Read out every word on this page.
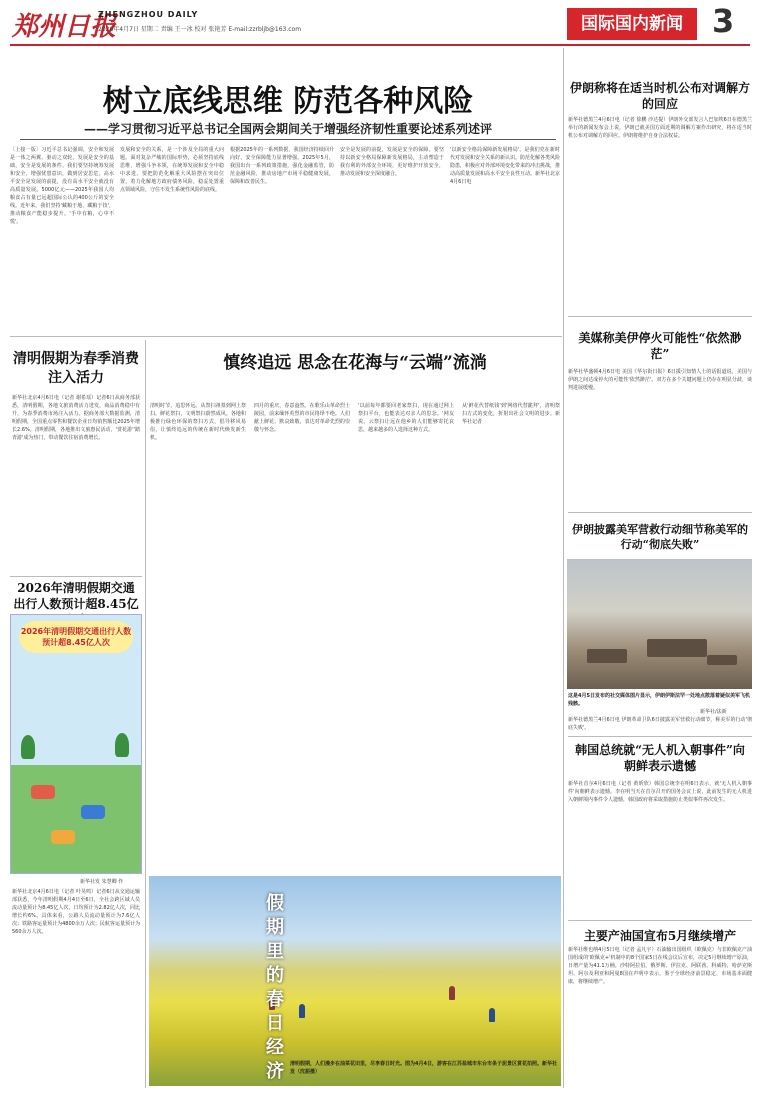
郑州日报
ZHENGZHOU DAILY
2026年4月7日 星期二 责编 王一冰 校对 张艳芳 E-mail:zzrbljb@163.com	国际国内新闻 3
树立底线思维 防范各种风险
——学习贯彻习近平总书记全国两会期间关于增强经济韧性重要论述系列述评
〔上接一版〕习近平总书记强调，安全和发展是一体之两翼、驱动之双轮。发展是安全的基础，安全是发展的条件。我们要坚持统筹发展和安全，增强忧患意识，做到居安思危。高水平安全是发展的前提，没有高水平安全就没有高质量发展。5000亿元——2025年我国人均粮食占有量已远超国际公认的400公斤的安全线。近年来，我们坚持'藏粮于地、藏粮于技'，推动粮食产能稳步提升。'手中有粮，心中不慌'。
发展和安全的关系，是一个涉及全局的重大问题。面对复杂严峻的国际形势，必须坚持底线思维，增强斗争本领，在统筹发展和安全中稳中求进。要把防范化解重大风险摆在突出位置，着力化解地方政府债务风险，稳妥处置重点领域风险，守住不发生系统性风险的底线。
根据2025年的一系列数据，我国经济持续回升向好，安全保障能力显著增强。2025年5月，我国出台一系列政策措施，强化金融监管，防范金融风险，推动房地产市场平稳健康发展，保障和改善民生。
安全是发展的前提，发展是安全的保障。要坚持以新安全格局保障新发展格局，主动塑造于我有利的外部安全环境，更好维护开放安全，推动发展和安全深度融合。
'以新安全格局保障新发展格局'，是我们党在新时代对发展和安全关系的新认识。防范化解各类风险隐患，积极应对外部环境变化带来的冲击挑战，推动高质量发展和高水平安全良性互动。新华社北京4月6日电
清明假期为春季消费注入活力
新华社北京4月6日电（记者 谢希瑶）记者6日从商务部获悉，清明假期，各地文旅消费活力迸发，商品消费稳中有升，为春季消费市场注入活力。据商务部大数据监测，清明假期，全国重点零售和餐饮企业日均销售额比2025年增长2.6%。清明假期，各地推出文旅惠民活动，'赏花游''踏青游'成为热门，带动餐饮住宿消费增长。
2026年清明假期交通出行人数预计超8.45亿
2026年清明假期交通出行人数预计超8.45亿人次
新华社发 朱慧卿 作
新华社北京4月6日电（记者 叶昊鸣）记者6日从交通运输部获悉，今年清明假期4月4日至6日，全社会跨区域人员流动量预计为8.45亿人次，日均预计为2.82亿人次，同比增长约6%。具体来看，公路人员流动量预计为7.6亿人次；铁路客运量预计为4800余万人次；民航客运量预计为560余万人次。
慎终追远 思念在花海与“云端”流淌
清明时节，追思怀远。从祭扫祖墓到网上祭扫、鲜花祭扫，文明祭扫蔚然成风。各地积极推行绿色环保的祭扫方式，倡导移风易俗，让慎终追远的传统在新时代焕发新生机。
四月的重庆，春意盎然。在歌乐山革命烈士陵园，前来缅怀英烈的市民络绎不绝。人们献上鲜花、默哀致敬，表达对革命先烈的崇敬与怀念。
'以前每年都要回老家祭扫，现在通过网上祭扫平台，也能表达对亲人的思念。'网友说。云祭扫让远在他乡的人们能够寄托哀思，越来越多的人选择这种方式。
从'鲜花代替纸钱'到'网络代替跪拜'，清明祭扫方式的变化，折射出社会文明的进步。新华社记者
假期里的春日经济	清明假期，人们漫步在油菜花田里，尽享春日时光。图为4月4日，游客在江苏盐城市东台市条子泥景区赏花拍照。新华社发（沈振摄）
伊朗称将在适当时机公布对调解方的回应
新华社德黑兰4月6日电（记者 徐鹏 沙达提）伊朗外交部发言人巴加埃6日在德黑兰举行的新闻发布会上说，伊朗已就美国方面近期的调解方案作出研究，将在适当时机公布对调解方的回应。伊朗将维护自身合法权益。
美媒称美伊停火可能性“依然渺茫”
新华社华盛顿4月6日电 美国《华尔街日报》6日援引知情人士的话报道说，美国与伊朗之间达成停火的可能性'依然渺茫'。双方在多个关键问题上仍存在明显分歧，谈判进展缓慢。
伊朗披露美军营救行动细节称美军的行动“彻底失败”
这是4月5日发布的社交媒体图片显示，伊朗伊斯法罕一处地点散落着疑似美军飞机残骸。
新华社/法新
新华社德黑兰4月6日电 伊朗革命卫队6日披露美军营救行动细节，称美军的行动'彻底失败'。
韩国总统就“无人机入朝事件”向朝鲜表示遗憾
新华社首尔4月6日电（记者 黄昕欣）韩国总统李在明6日表示，就'无人机入朝事件'向朝鲜表示遗憾。李在明当天在首尔召开的国务会议上说，此前发生的无人机进入朝鲜境内事件令人遗憾，韩国政府将采取措施防止类似事件再次发生。
主要产油国宣布5月继续增产
新华社维也纳4月5日电（记者 孟凡宇）石油输出国组织（欧佩克）与非欧佩克产油国组成的'欧佩克+'机制中的8个国家5日在线会议后宣布，决定5月继续增产原油，日增产量为41.1万桶。沙特阿拉伯、俄罗斯、伊拉克、阿联酋、科威特、哈萨克斯坦、阿尔及利亚和阿曼8国在声明中表示，鉴于全球经济前景稳定、市场基本面健康，将继续增产。
